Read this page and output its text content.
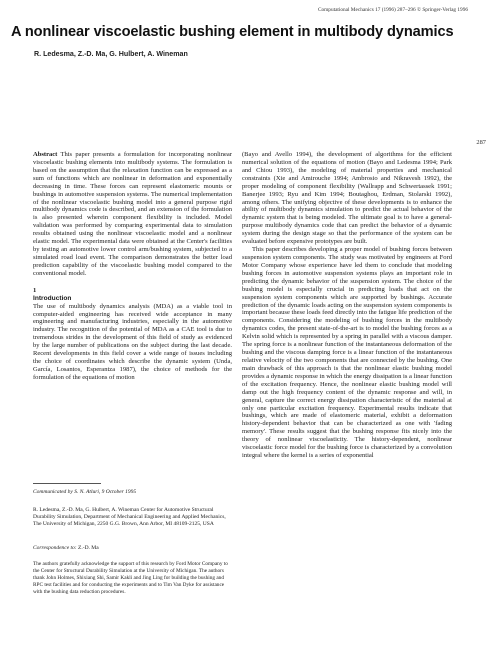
Computational Mechanics 17 (1996) 287–296 © Springer-Verlag 1996
A nonlinear viscoelastic bushing element in multibody dynamics
R. Ledesma, Z.-D. Ma, G. Hulbert, A. Wineman
287

Abstract This paper presents a formulation for incorporating nonlinear viscoelastic bushing elements into multibody systems. The formulation is based on the assumption that the relaxation function can be expressed as a sum of functions which are nonlinear in deformation and exponentially decreasing in time. These forces can represent elastomeric mounts or bushings in automotive suspension systems. The numerical implementation of the nonlinear viscoelastic bushing model into a general purpose rigid multibody dynamics code is described, and an extension of the formulation is also presented wherein component flexibility is included. Model validation was performed by comparing experimental data to simulation results obtained using the nonlinear viscoelastic model and a nonlinear elastic model. The experimental data were obtained at the Center's facilities by testing an automotive lower control arm/bushing system, subjected to a simulated road load event. The comparison demonstrates the better load prediction capability of the viscoelastic bushing model compared to the conventional model.

1

Introduction

The use of multibody dynamics analysis (MDA) as a viable tool in computer-aided engineering has received wide acceptance in many engineering and manufacturing industries, especially in the automotive industry. The recognition of the potential of MDA as a CAE tool is due to tremendous strides in the development of this field of study as evidenced by the large number of publications on the subject during the last decade. Recent developments in this field cover a wide range of issues including the choice of coordinates which describe the dynamic system (Unda, García, Losantos, Esperantza 1987), the choice of methods for the formulation of the equations of motion

(Bayo and Avello 1994), the development of algorithms for the efficient numerical solution of the equations of motion (Bayo and Ledesma 1994; Park and Chiou 1993), the modeling of material properties and mechanical constraints (Xie and Amirouche 1994; Ambrosio and Nikravesh 1992), the proper modeling of component flexibility (Wallrapp and Schwertassek 1991; Banerjee 1993; Ryu and Kim 1994; Boutaghou, Erdman, Stolarski 1992), among others. The unifying objective of these developments is to enhance the ability of multibody dynamics simulation to predict the actual behavior of the dynamic system that is being modeled. The ultimate goal is to have a general-purpose multibody dynamics code that can predict the behavior of a dynamic system during the design stage so that the performance of the system can be evaluated before expensive prototypes are built.

This paper describes developing a proper model of bushing forces between suspension system components. The study was motivated by engineers at Ford Motor Company whose experience have led them to conclude that modeling bushing forces in automotive suspension systems plays an important role in predicting the dynamic behavior of the suspension system. The choice of the bushing model is especially crucial in predicting loads that act on the suspension system components which are supported by bushings. Accurate prediction of the dynamic loads acting on the suspension system components is important because these loads feed directly into the fatigue life prediction of the components. Considering the modeling of bushing forces in the multibody dynamics codes, the present state-of-the-art is to model the bushing forces as a Kelvin solid which is represented by a spring in parallel with a viscous damper. The spring force is a nonlinear function of the instantaneous deformation of the bushing and the viscous damping force is a linear function of the instantaneous relative velocity of the two components that are connected by the bushing. One main drawback of this approach is that the nonlinear elastic bushing model provides a dynamic response in which the energy dissipation is a linear function of the excitation frequency. Hence, the nonlinear elastic bushing model will damp out the high frequency content of the dynamic response and will, in general, capture the correct energy dissipation characteristic of the material at only one particular excitation frequency. Experimental results indicate that bushings, which are made of elastomeric material, exhibit a deformation history-dependent behavior that can be characterized as one with 'fading memory'. These results suggest that the bushing response fits nicely into the theory of nonlinear viscoelasticity. The history-dependent, nonlinear viscoelastic force model for the bushing force is characterized by a convolution integral where the kernel is a series of exponential

Communicated by S. N. Atluri, 9 October 1995

R. Ledesma, Z.-D. Ma, G. Hulbert, A. Wineman Center for Automotive Structural Durability Simulation, Department of Mechanical Engineering and Applied Mechanics, The University of Michigan, 2250 G.G. Brown, Ann Arbor, MI 48109-2125, USA

Correspondence to: Z.-D. Ma

The authors gratefully acknowledge the support of this research by Ford Motor Company to the Center for Structural Durability Simulation at the University of Michigan. The authors thank John Holmes, Shixiang Shi, Samir Kakli and Jing Ling for building the bushing and RPC test facilities and for conducting the experiments and to Tim Van Dyke for assistance with the bushing data reduction procedures.
